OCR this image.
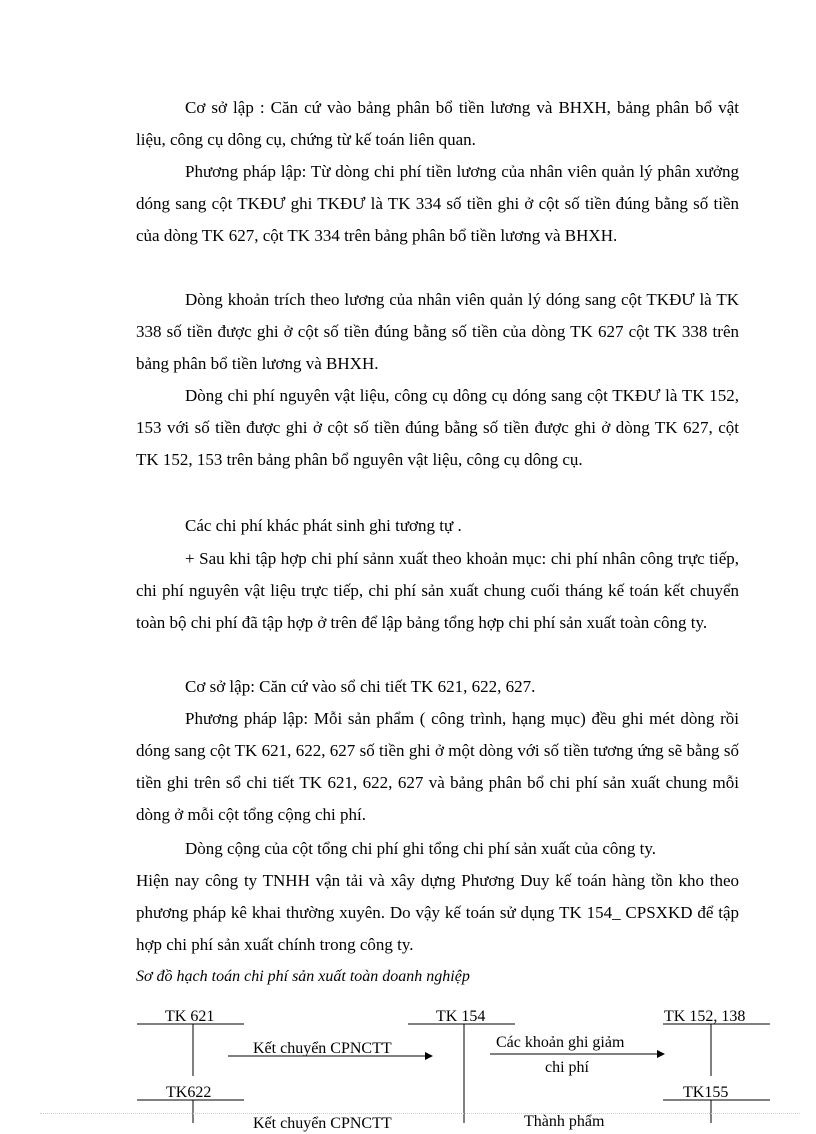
Cơ sở lập : Căn cứ vào bảng phân bổ tiền lương và BHXH, bảng phân bổ vật liệu, công cụ dông cụ, chứng từ kế toán liên quan.

Phương pháp lập: Từ dòng chi phí tiền lương của nhân viên quản lý phân xưởng dóng sang cột TKĐƯ ghi TKĐƯ là TK 334 số tiền ghi ở cột số tiền đúng bằng số tiền của dòng TK 627, cột TK 334 trên bảng phân bổ tiền lương và BHXH.

Dòng khoản trích theo lương của nhân viên quản lý dóng sang cột TKĐƯ là TK 338 số tiền được ghi ở cột số tiền đúng bằng số tiền của dòng TK 627 cột TK 338 trên bảng phân bổ tiền lương và BHXH.

Dòng chi phí nguyên vật liệu, công cụ dông cụ dóng sang cột TKĐƯ là TK 152, 153 với số tiền được ghi ở cột số tiền đúng bằng số tiền được ghi ở dòng TK 627, cột TK 152, 153 trên bảng phân bổ nguyên vật liệu, công cụ dông cụ.

Các chi phí khác phát sinh ghi tương tự .

+ Sau khi tập hợp chi phí sảnn xuất theo khoản mục: chi phí nhân công trực tiếp, chi phí nguyên vật liệu trực tiếp, chi phí sản xuất chung cuối tháng kế toán kết chuyển toàn bộ chi phí đã tập hợp ở trên để lập bảng tổng hợp chi phí sản xuất toàn công ty.

Cơ sở lập: Căn cứ vào sổ chi tiết TK 621, 622, 627.

Phương pháp lập: Mỗi sản phẩm ( công trình, hạng mục) đều ghi mét dòng rồi dóng sang cột TK 621, 622, 627 số tiền ghi ở một dòng với số tiền tương ứng sẽ bằng số tiền ghi trên sổ chi tiết TK 621, 622, 627 và bảng phân bổ chi phí sản xuất chung mỗi dòng ở mỗi cột tổng cộng chi phí.

Dòng cộng của cột tổng chi phí ghi tổng chi phí sản xuất của công ty.

Hiện nay công ty TNHH vận tải và xây dựng Phương Duy kế toán hàng tồn kho theo phương pháp kê khai thường xuyên. Do vậy kế toán sử dụng TK 154_ CPSXKD để tập hợp chi phí sản xuất chính trong công ty.

Sơ đồ hạch toán chi phí sản xuất toàn doanh nghiệp
TK 621	TK 154	TK 152, 138
TK622	TK155
Kết chuyển CPNCTT	Các khoản ghi giảm
chi phí
Kết chuyển CPNCTT	Thành phẩm
